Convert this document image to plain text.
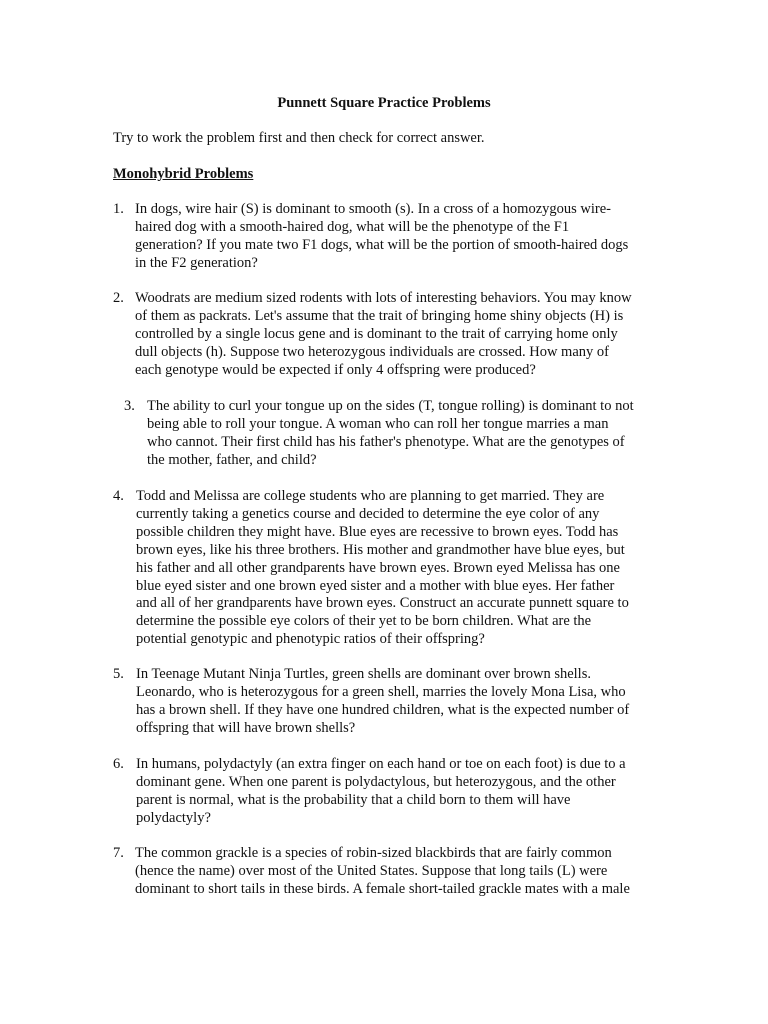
Punnett Square Practice Problems
Try to work the problem first and then check for correct answer.
Monohybrid Problems
1. In dogs, wire hair (S) is dominant to smooth (s). In a cross of a homozygous wire-
haired dog with a smooth-haired dog, what will be the phenotype of the F1
generation? If you mate two F1 dogs, what will be the portion of smooth-haired dogs
in the F2 generation?
2. Woodrats are medium sized rodents with lots of interesting behaviors. You may know
of them as packrats. Let's assume that the trait of bringing home shiny objects (H) is
controlled by a single locus gene and is dominant to the trait of carrying home only
dull objects (h). Suppose two heterozygous individuals are crossed. How many of
each genotype would be expected if only 4 offspring were produced?
3. The ability to curl your tongue up on the sides (T, tongue rolling) is dominant to not
being able to roll your tongue. A woman who can roll her tongue marries a man
who cannot. Their first child has his father's phenotype. What are the genotypes of
the mother, father, and child?
4. Todd and Melissa are college students who are planning to get married. They are
currently taking a genetics course and decided to determine the eye color of any
possible children they might have. Blue eyes are recessive to brown eyes. Todd has
brown eyes, like his three brothers. His mother and grandmother have blue eyes, but
his father and all other grandparents have brown eyes. Brown eyed Melissa has one
blue eyed sister and one brown eyed sister and a mother with blue eyes. Her father
and all of her grandparents have brown eyes. Construct an accurate punnett square to
determine the possible eye colors of their yet to be born children. What are the
potential genotypic and phenotypic ratios of their offspring?
5. In Teenage Mutant Ninja Turtles, green shells are dominant over brown shells.
Leonardo, who is heterozygous for a green shell, marries the lovely Mona Lisa, who
has a brown shell. If they have one hundred children, what is the expected number of
offspring that will have brown shells?
6. In humans, polydactyly (an extra finger on each hand or toe on each foot) is due to a
dominant gene. When one parent is polydactylous, but heterozygous, and the other
parent is normal, what is the probability that a child born to them will have
polydactyly?
7. The common grackle is a species of robin-sized blackbirds that are fairly common
(hence the name) over most of the United States. Suppose that long tails (L) were
dominant to short tails in these birds. A female short-tailed grackle mates with a male
